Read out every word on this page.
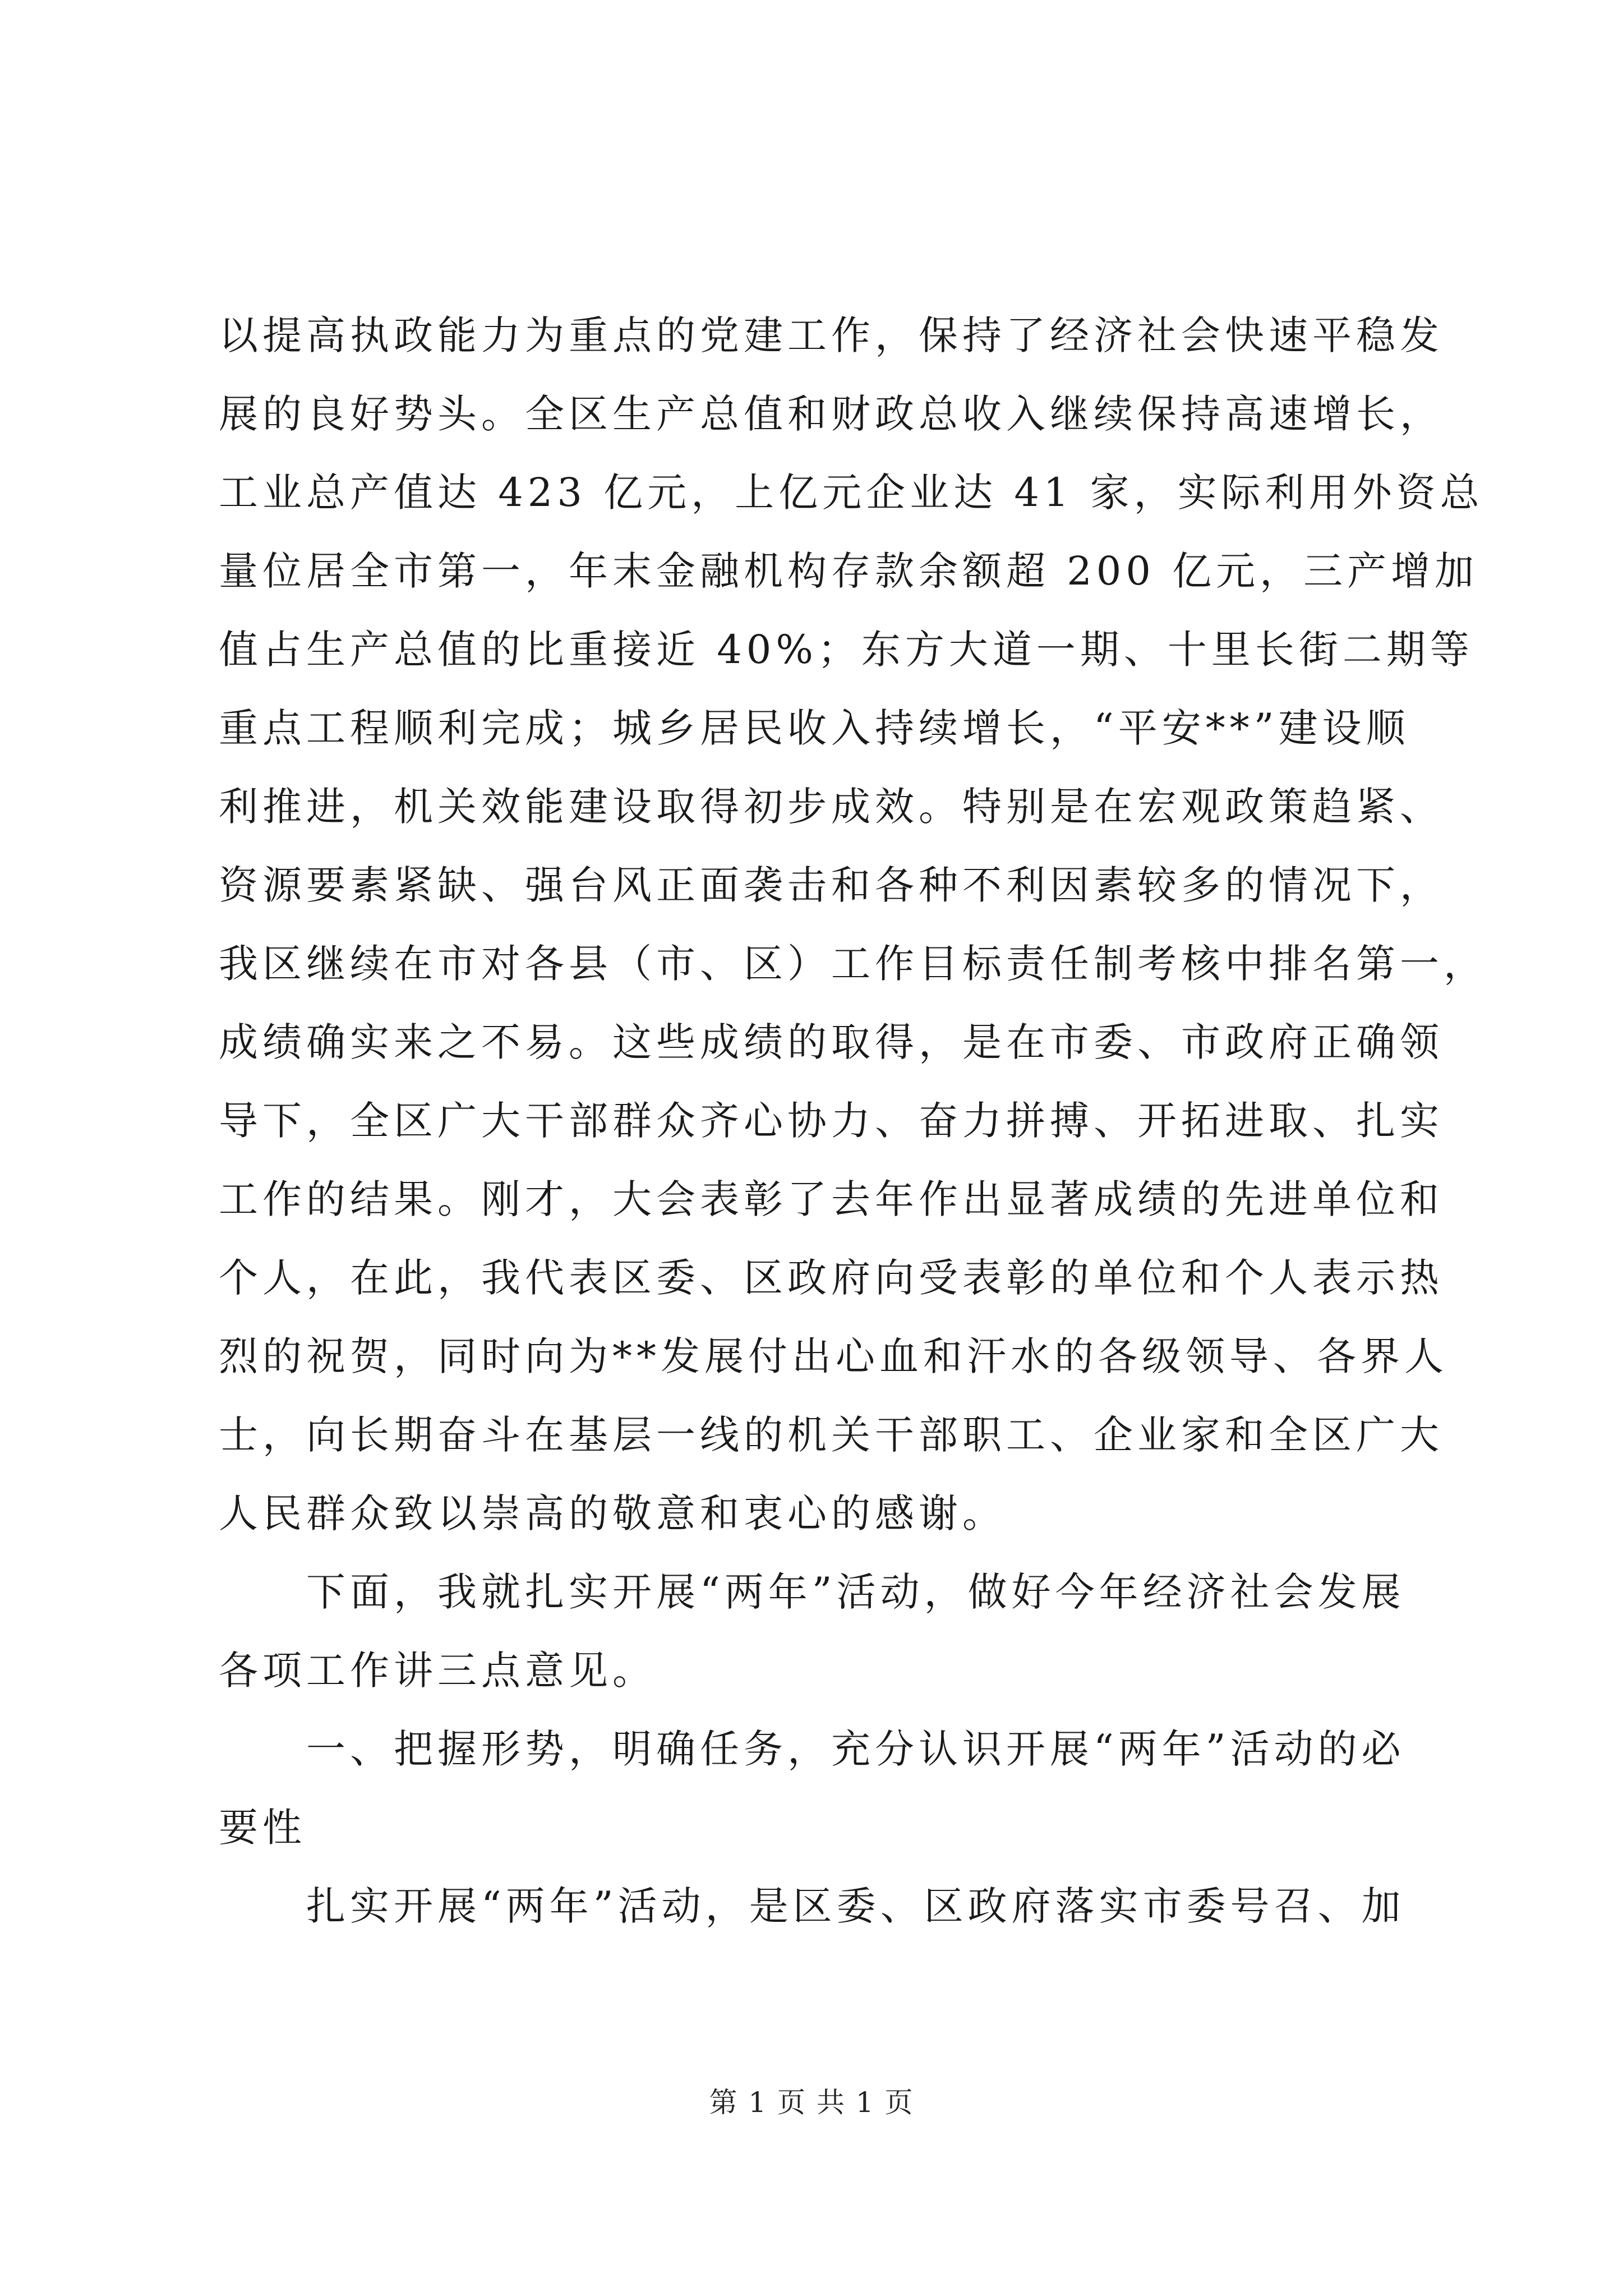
以提高执政能力为重点的党建工作，保持了经济社会快速平稳发
展的良好势头。全区生产总值和财政总收入继续保持高速增长，
工业总产值达 423 亿元，上亿元企业达 41 家，实际利用外资总
量位居全市第一，年末金融机构存款余额超 200 亿元，三产增加
值占生产总值的比重接近 40%；东方大道一期、十里长街二期等
重点工程顺利完成；城乡居民收入持续增长，“平安**”建设顺
利推进，机关效能建设取得初步成效。特别是在宏观政策趋紧、
资源要素紧缺、强台风正面袭击和各种不利因素较多的情况下，
我区继续在市对各县（市、区）工作目标责任制考核中排名第一，
成绩确实来之不易。这些成绩的取得，是在市委、市政府正确领
导下，全区广大干部群众齐心协力、奋力拼搏、开拓进取、扎实
工作的结果。刚才，大会表彰了去年作出显著成绩的先进单位和
个人，在此，我代表区委、区政府向受表彰的单位和个人表示热
烈的祝贺，同时向为**发展付出心血和汗水的各级领导、各界人
士，向长期奋斗在基层一线的机关干部职工、企业家和全区广大
人民群众致以崇高的敬意和衷心的感谢。
　　下面，我就扎实开展“两年”活动，做好今年经济社会发展
各项工作讲三点意见。
　　一、把握形势，明确任务，充分认识开展“两年”活动的必
要性
　　扎实开展“两年”活动，是区委、区政府落实市委号召、加
第 1 页 共 1 页
